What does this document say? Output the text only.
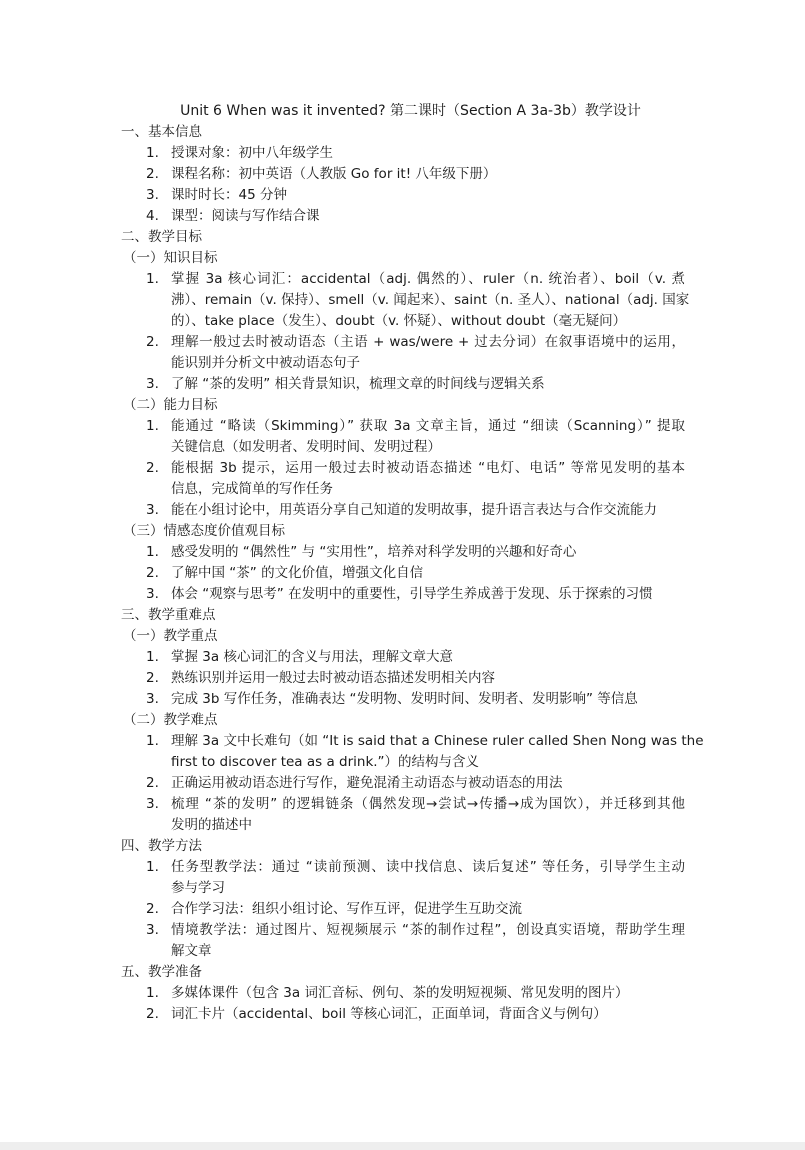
Unit 6 When was it invented? 第二课时（Section A 3a-3b）教学设计
一、基本信息
1. 授课对象：初中八年级学生
2. 课程名称：初中英语（人教版 Go for it! 八年级下册）
3. 课时时长：45 分钟
4. 课型：阅读与写作结合课
二、教学目标
（一）知识目标
1. 掌握 3a 核心词汇：accidental（adj. 偶然的）、ruler（n. 统治者）、boil（v. 煮
沸）、remain（v. 保持）、smell（v. 闻起来）、saint（n. 圣人）、national（adj. 国家
的）、take place（发生）、doubt（v. 怀疑）、without doubt（毫无疑问）
2. 理解一般过去时被动语态（主语 + was/were + 过去分词）在叙事语境中的运用，
能识别并分析文中被动语态句子
3. 了解 “茶的发明” 相关背景知识，梳理文章的时间线与逻辑关系
（二）能力目标
1. 能通过 “略读（Skimming）” 获取 3a 文章主旨，通过 “细读（Scanning）” 提取
关键信息（如发明者、发明时间、发明过程）
2. 能根据 3b 提示，运用一般过去时被动语态描述 “电灯、电话” 等常见发明的基本
信息，完成简单的写作任务
3. 能在小组讨论中，用英语分享自己知道的发明故事，提升语言表达与合作交流能力
（三）情感态度价值观目标
1. 感受发明的 “偶然性” 与 “实用性”，培养对科学发明的兴趣和好奇心
2. 了解中国 “茶” 的文化价值，增强文化自信
3. 体会 “观察与思考” 在发明中的重要性，引导学生养成善于发现、乐于探索的习惯
三、教学重难点
（一）教学重点
1. 掌握 3a 核心词汇的含义与用法，理解文章大意
2. 熟练识别并运用一般过去时被动语态描述发明相关内容
3. 完成 3b 写作任务，准确表达 “发明物、发明时间、发明者、发明影响” 等信息
（二）教学难点
1. 理解 3a 文中长难句（如 “It is said that a Chinese ruler called Shen Nong was the
first to discover tea as a drink.”）的结构与含义
2. 正确运用被动语态进行写作，避免混淆主动语态与被动语态的用法
3. 梳理 “茶的发明” 的逻辑链条（偶然发现→尝试→传播→成为国饮），并迁移到其他
发明的描述中
四、教学方法
1. 任务型教学法：通过 “读前预测、读中找信息、读后复述” 等任务，引导学生主动
参与学习
2. 合作学习法：组织小组讨论、写作互评，促进学生互助交流
3. 情境教学法：通过图片、短视频展示 “茶的制作过程”，创设真实语境，帮助学生理
解文章
五、教学准备
1. 多媒体课件（包含 3a 词汇音标、例句、茶的发明短视频、常见发明的图片）
2. 词汇卡片（accidental、boil 等核心词汇，正面单词，背面含义与例句）
